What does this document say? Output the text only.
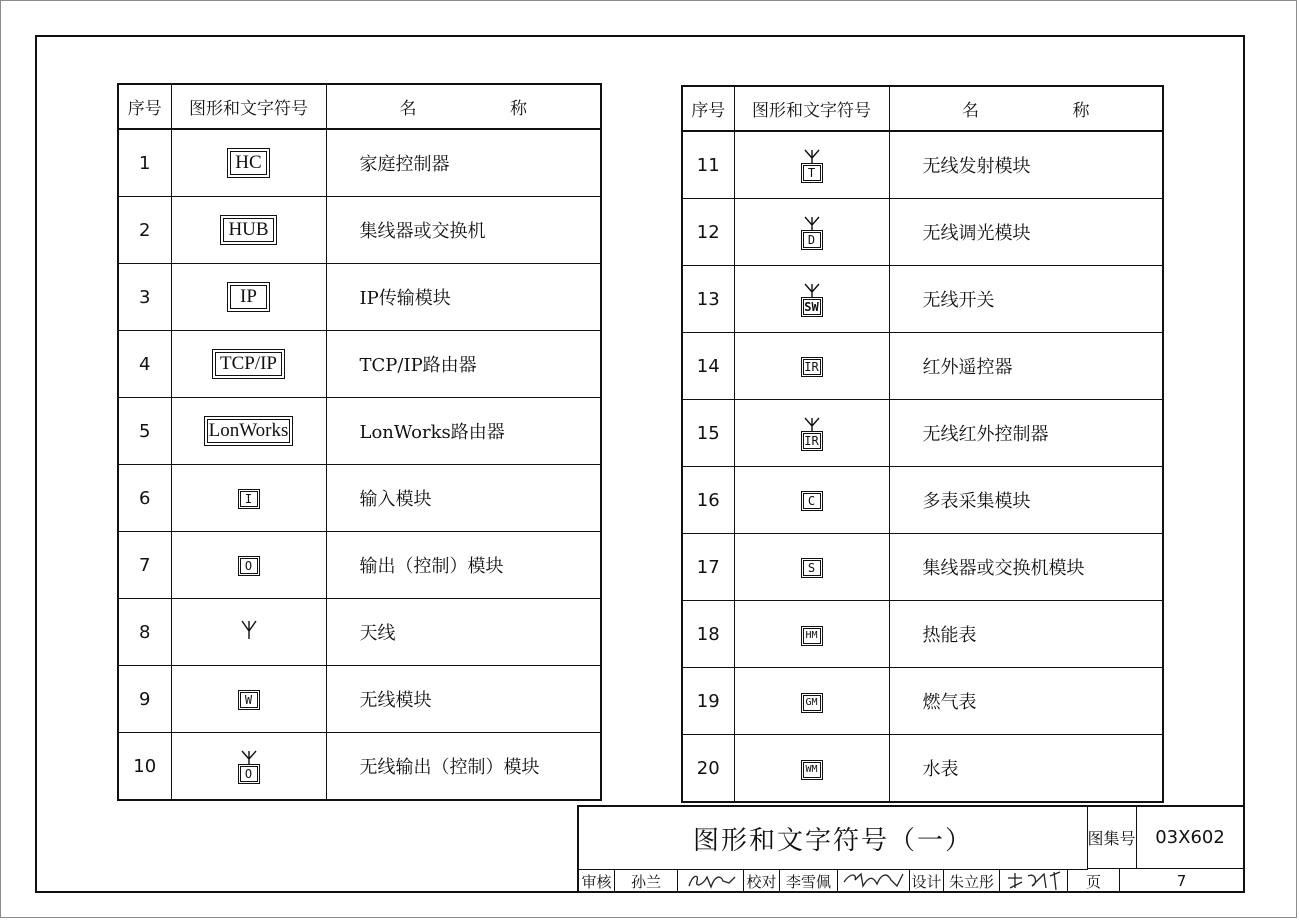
序号	图形和文字符号	名 称
1	HC	家庭控制器
2	HUB	集线器或交换机
3	IP	IP传输模块
4	TCP/IP	TCP/IP路由器
5	LonWorks	LonWorks路由器
6	I	输入模块
7	O	输出（控制）模块
8		天线
9	W	无线模块
10	O	无线输出（控制）模块
序号	图形和文字符号	名 称
11	T	无线发射模块
12	D	无线调光模块
13	SW	无线开关
14	IR	红外遥控器
15	IR	无线红外控制器
16	C	多表采集模块
17	S	集线器或交换机模块
18	HM	热能表
19	GM	燃气表
20	WM	水表
图形和文字符号（一）	图集号	03X602
审核	孙兰	校对 李雪佩	设计 朱立彤	页	7
